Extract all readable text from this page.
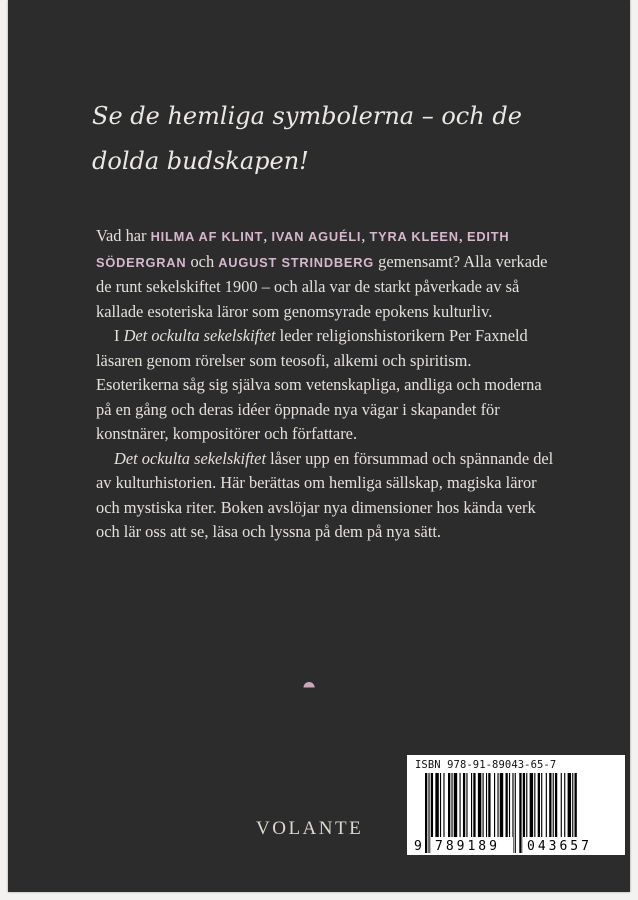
Se de hemliga symbolerna – och de
dolda budskapen!

Vad har HILMA AF KLINT, IVAN AGUÉLI, TYRA KLEEN, EDITH SÖDERGRAN och AUGUST STRINDBERG gemensamt? Alla verkade de runt sekelskiftet 1900 – och alla var de starkt påverkade av så kallade esoteriska läror som genomsyrade epokens kulturliv.

I Det ockulta sekelskiftet leder religionshistorikern Per Faxneld läsaren genom rörelser som teosofi, alkemi och spiritism. Esoterikerna såg sig själva som vetenskapliga, andliga och moderna på en gång och deras idéer öppnade nya vägar i skapandet för konstnärer, kompositörer och författare.

Det ockulta sekelskiftet låser upp en försummad och spännande del av kulturhistorien. Här berättas om hemliga sällskap, magiska läror och mystiska riter. Boken avslöjar nya dimensioner hos kända verk och lär oss att se, läsa och lyssna på dem på nya sätt.

⯊
VOLANTE
ISBN 978-91-89043-65-7
9 789189 043657
